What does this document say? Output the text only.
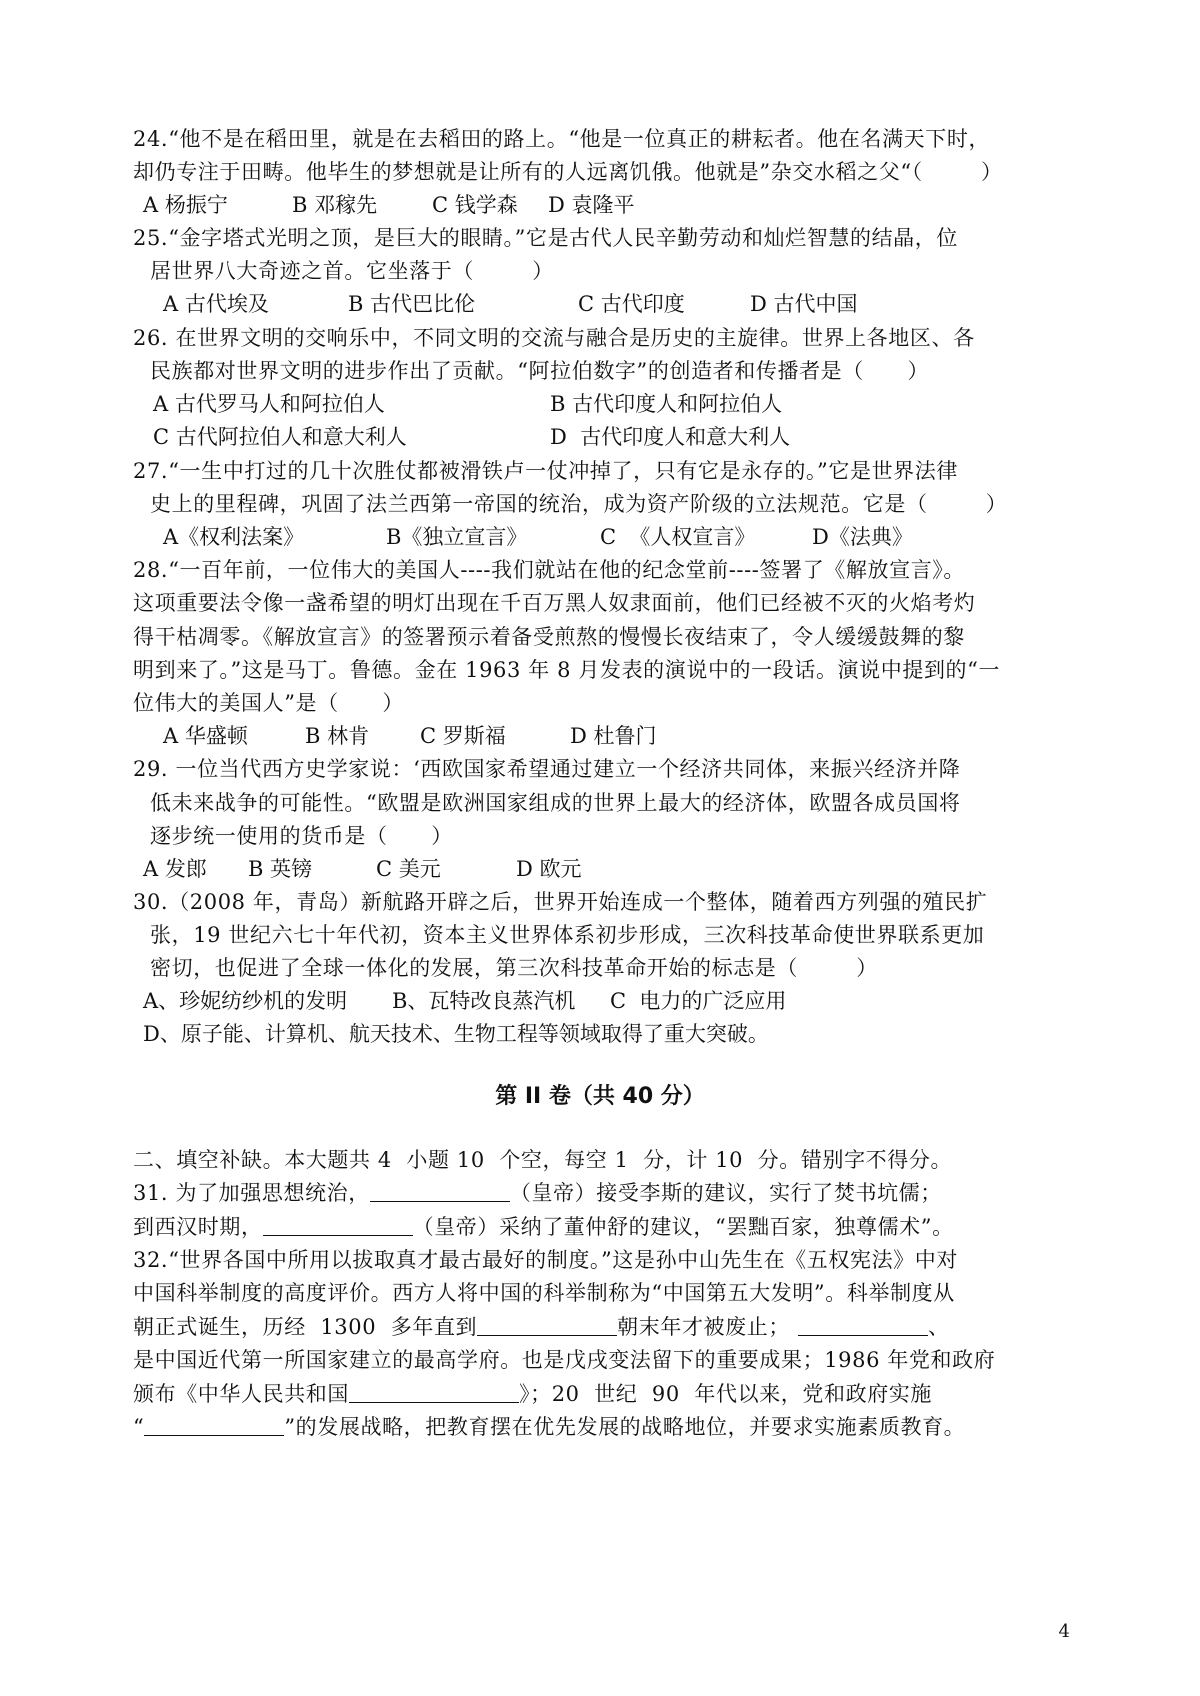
24.“他不是在稻田里，就是在去稻田的路上。“他是一位真正的耕耘者。他在名满天下时，
却仍专注于田畴。他毕生的梦想就是让所有的人远离饥俄。他就是”杂交水稻之父“（        ）
A 杨振宁	B 邓稼先	C 钱学森 D 袁隆平
25.“金字塔式光明之顶，是巨大的眼睛。”它是古代人民辛勤劳动和灿烂智慧的结晶，位
居世界八大奇迹之首。它坐落于（        ）
A 古代埃及	B 古代巴比伦	C 古代印度	D 古代中国
26. 在世界文明的交响乐中，不同文明的交流与融合是历史的主旋律。世界上各地区、各
民族都对世界文明的进步作出了贡献。“阿拉伯数字”的创造者和传播者是（      ）
A 古代罗马人和阿拉伯人	B 古代印度人和阿拉伯人
C 古代阿拉伯人和意大利人	D  古代印度人和意大利人
27.“一生中打过的几十次胜仗都被滑铁卢一仗冲掉了，只有它是永存的。”它是世界法律
史上的里程碑，巩固了法兰西第一帝国的统治，成为资产阶级的立法规范。它是（        ）
A《权利法案》	B《独立宣言》	C  《人权宣言》	D《法典》
28.“一百年前，一位伟大的美国人----我们就站在他的纪念堂前----签署了《解放宣言》。
这项重要法令像一盏希望的明灯出现在千百万黑人奴隶面前，他们已经被不灭的火焰考灼
得干枯凋零。《解放宣言》的签署预示着备受煎熬的慢慢长夜结束了，令人缓缓鼓舞的黎
明到来了。”这是马丁。鲁德。金在 1963 年 8 月发表的演说中的一段话。演说中提到的“一
位伟大的美国人”是（      ）
A 华盛顿	B 林肯 C 罗斯福	D 杜鲁门
29. 一位当代西方史学家说：‘西欧国家希望通过建立一个经济共同体，来振兴经济并降
低未来战争的可能性。“欧盟是欧洲国家组成的世界上最大的经济体，欧盟各成员国将
逐步统一使用的货币是（      ）
A 发郎 B 英镑	C 美元	D 欧元
30.（2008 年，青岛）新航路开辟之后，世界开始连成一个整体，随着西方列强的殖民扩
张，19 世纪六七十年代初，资本主义世界体系初步形成，三次科技革命使世界联系更加
密切，也促进了全球一体化的发展，第三次科技革命开始的标志是（        ）
A、珍妮纺纱机的发明 B、瓦特改良蒸汽机 C  电力的广泛应用
D、原子能、计算机、航天技术、生物工程等领域取得了重大突破。
第 II 卷（共 40 分）
二、填空补缺。本大题共 4  小题 10  个空，每空 1  分，计 10  分。错别字不得分。
31. 为了加强思想统治，	（皇帝）接受李斯的建议，实行了焚书坑儒；
到西汉时期，	（皇帝）采纳了董仲舒的建议，“罢黜百家，独尊儒术”。
32.“世界各国中所用以拔取真才最古最好的制度。”这是孙中山先生在《五权宪法》中对
中国科举制度的高度评价。西方人将中国的科举制称为“中国第五大发明”。科举制度从
朝正式诞生，历经  1300  多年直到	朝末年才被废止；	、
是中国近代第一所国家建立的最高学府。也是戊戌变法留下的重要成果；1986 年党和政府
颁布《中华人民共和国	》；20  世纪  90  年代以来，党和政府实施
“	”的发展战略，把教育摆在优先发展的战略地位，并要求实施素质教育。
4
